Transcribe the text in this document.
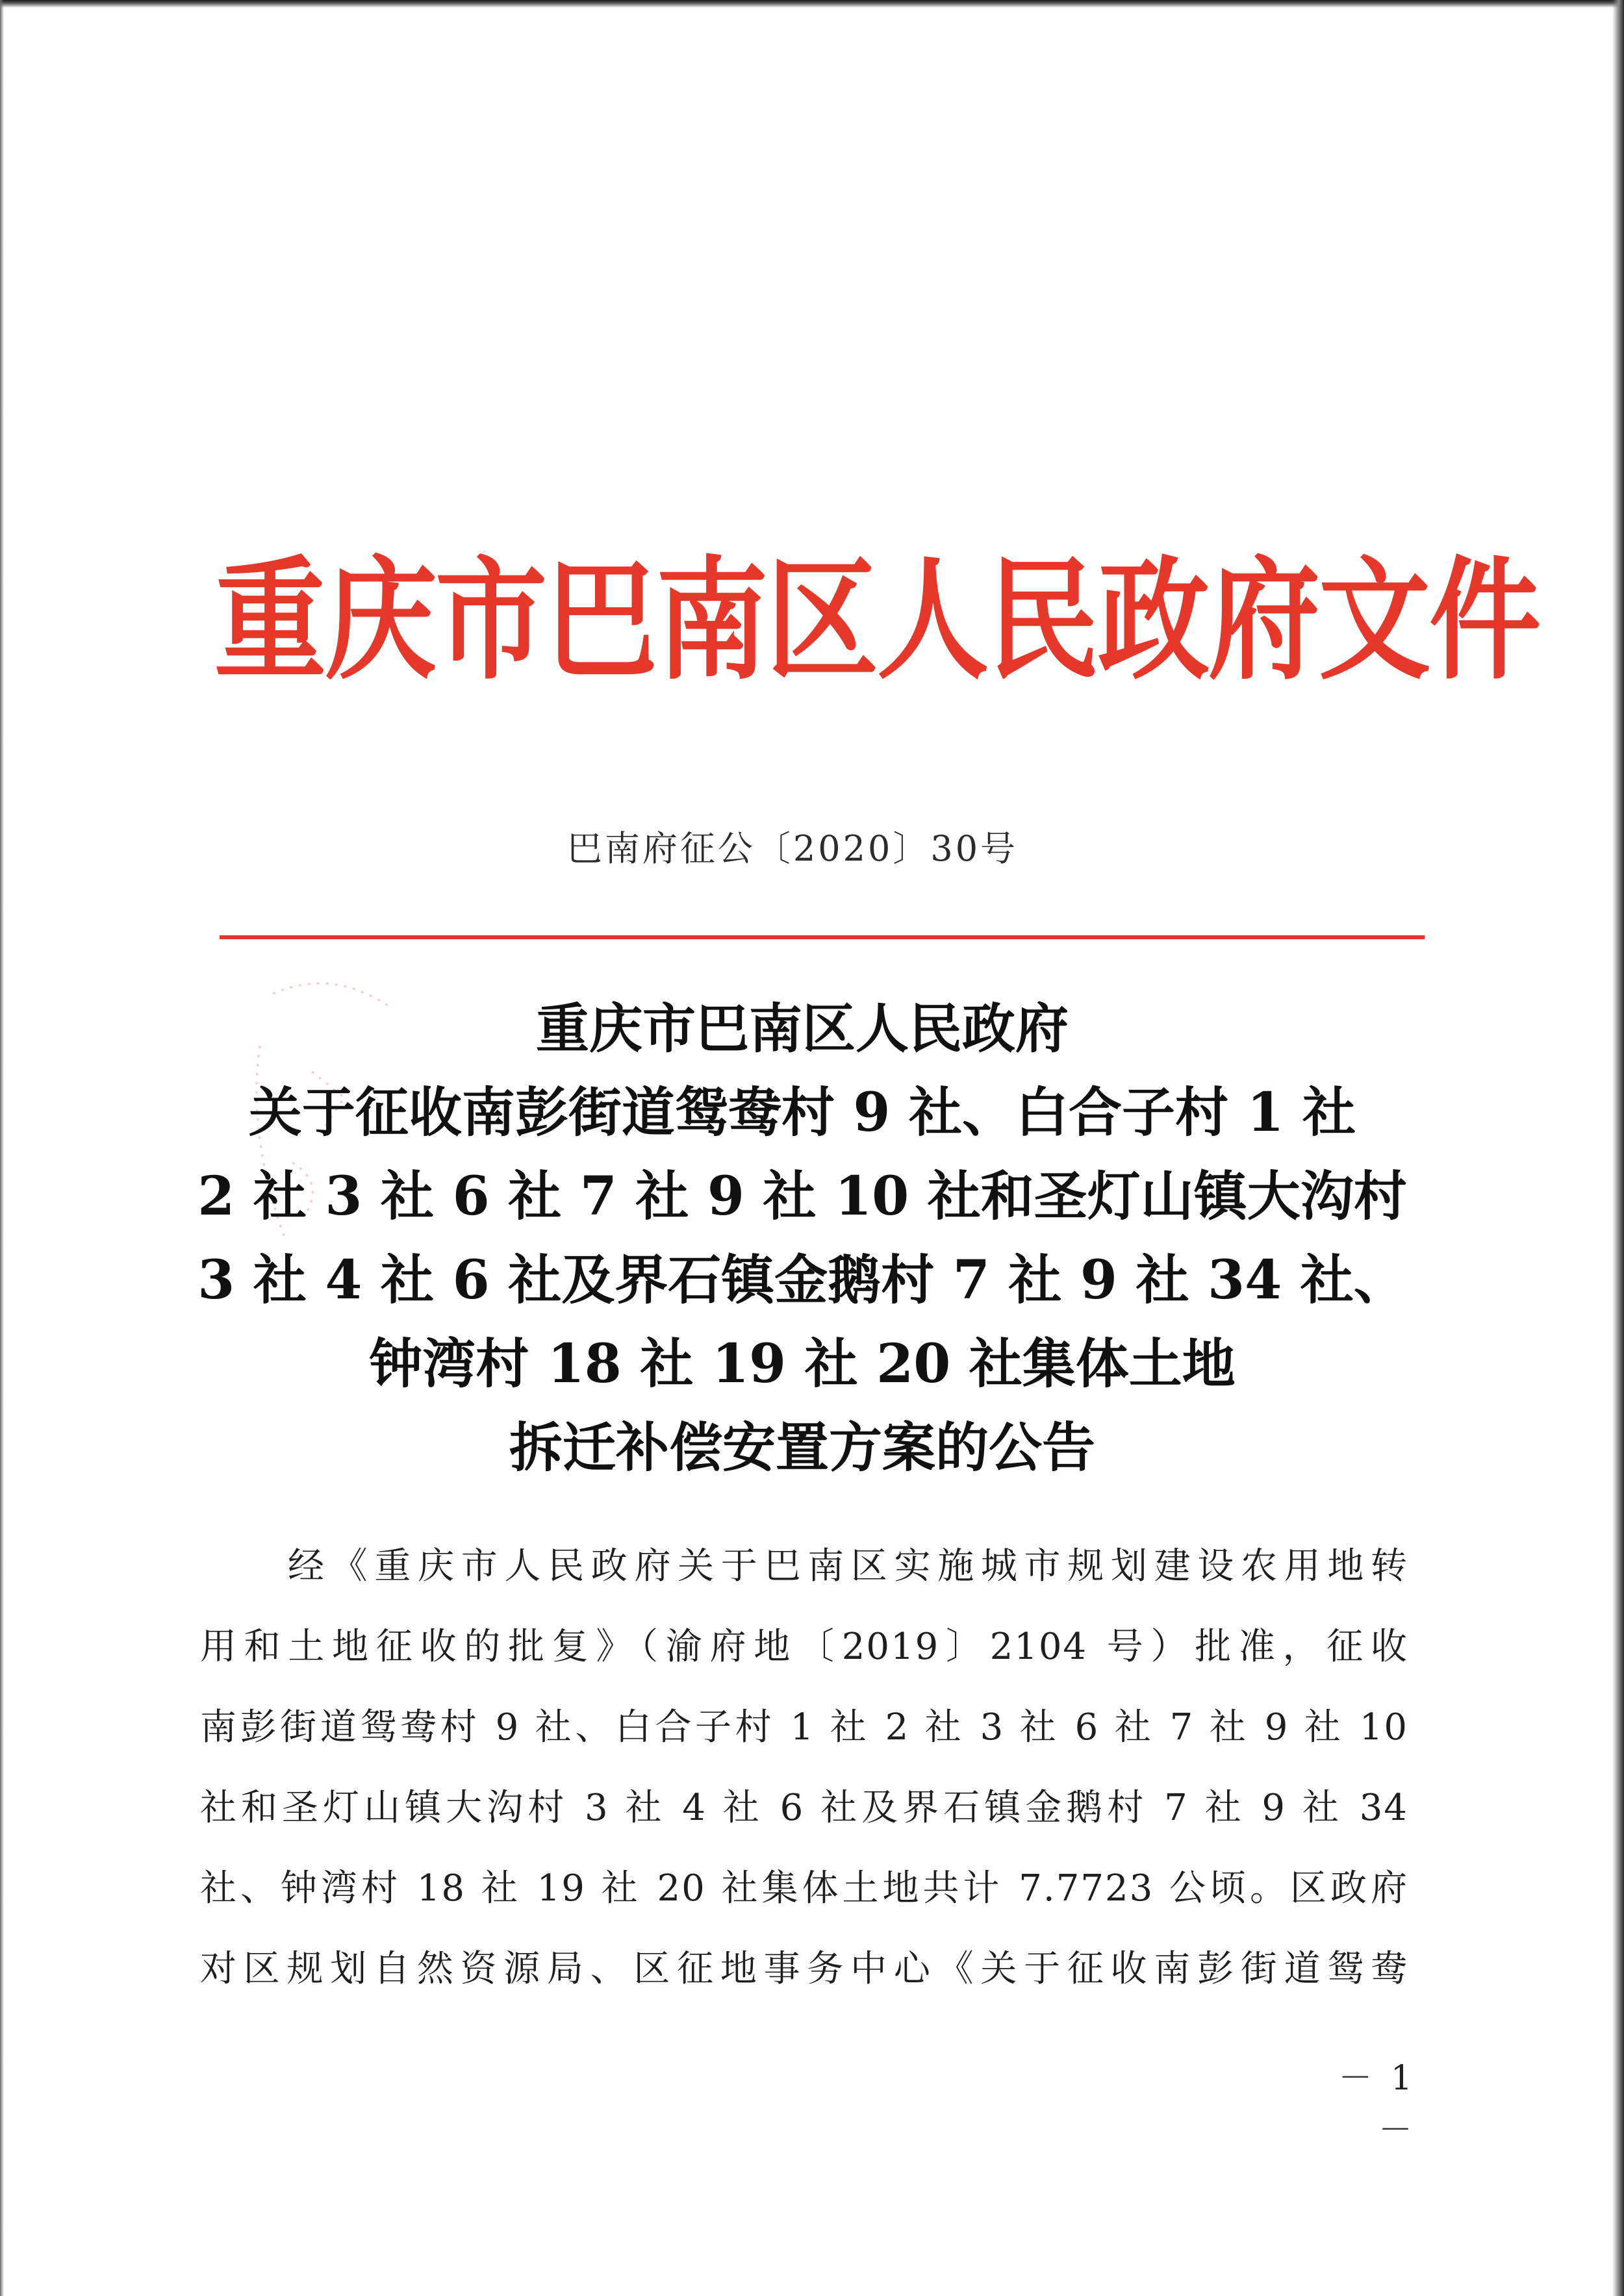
重庆市巴南区人民政府文件
巴南府征公〔2020〕30号
重庆市巴南区人民政府
关于征收南彭街道鸳鸯村 9 社、白合子村 1 社
2 社 3 社 6 社 7 社 9 社 10 社和圣灯山镇大沟村
3 社 4 社 6 社及界石镇金鹅村 7 社 9 社 34 社、
钟湾村 18 社 19 社 20 社集体土地
拆迁补偿安置方案的公告
经《重庆市人民政府关于巴南区实施城市规划建设农用地转
用和土地征收的批复》（渝府地〔2019〕2104 号）批准，征收
南彭街道鸳鸯村 9 社、白合子村 1 社 2 社 3 社 6 社 7 社 9 社 10
社和圣灯山镇大沟村 3 社 4 社 6 社及界石镇金鹅村 7 社 9 社 34
社、钟湾村 18 社 19 社 20 社集体土地共计 7.7723 公顷。区政府
对区规划自然资源局、区征地事务中心《关于征收南彭街道鸳鸯
－ 1 －
